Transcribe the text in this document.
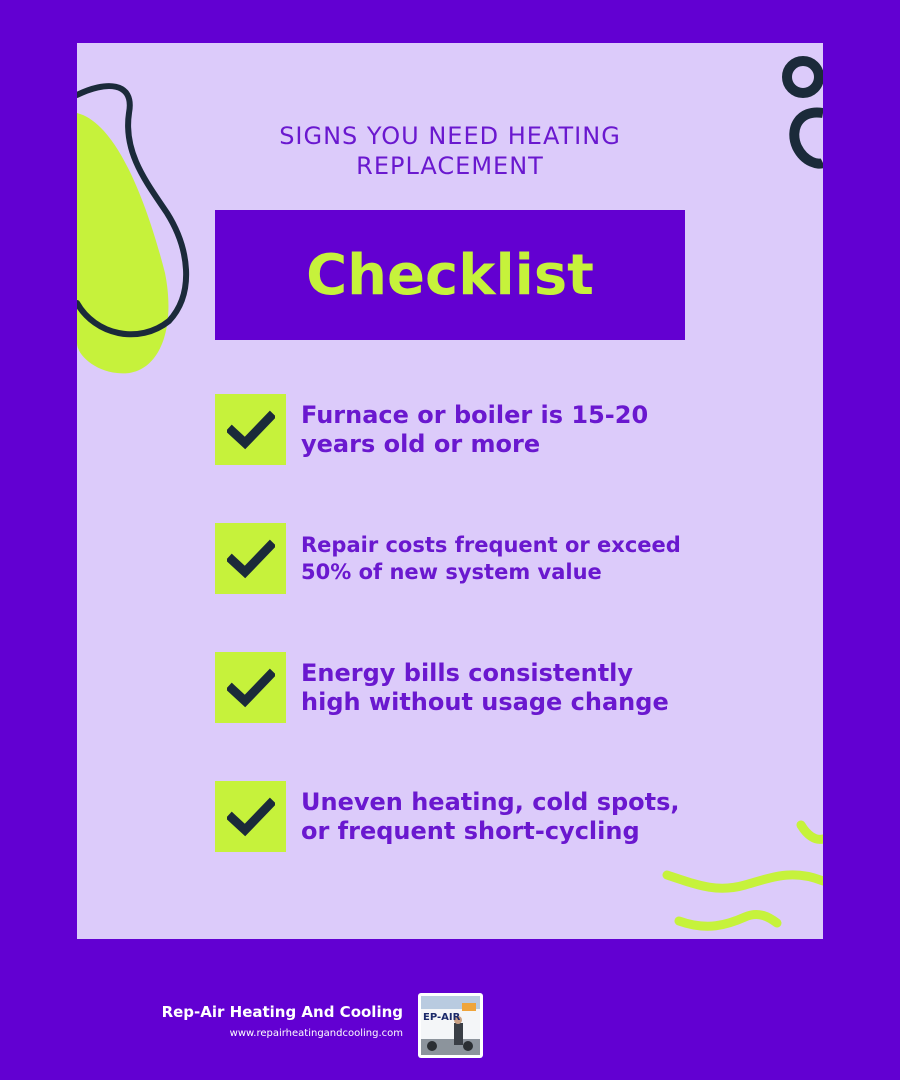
SIGNS YOU NEED HEATING
REPLACEMENT
Checklist
Furnace or boiler is 15-20
years old or more
Repair costs frequent or exceed
50% of new system value
Energy bills consistently
high without usage change
Uneven heating, cold spots,
or frequent short-cycling
Rep-Air Heating And Cooling
www.repairheatingandcooling.com
EP-AIR
